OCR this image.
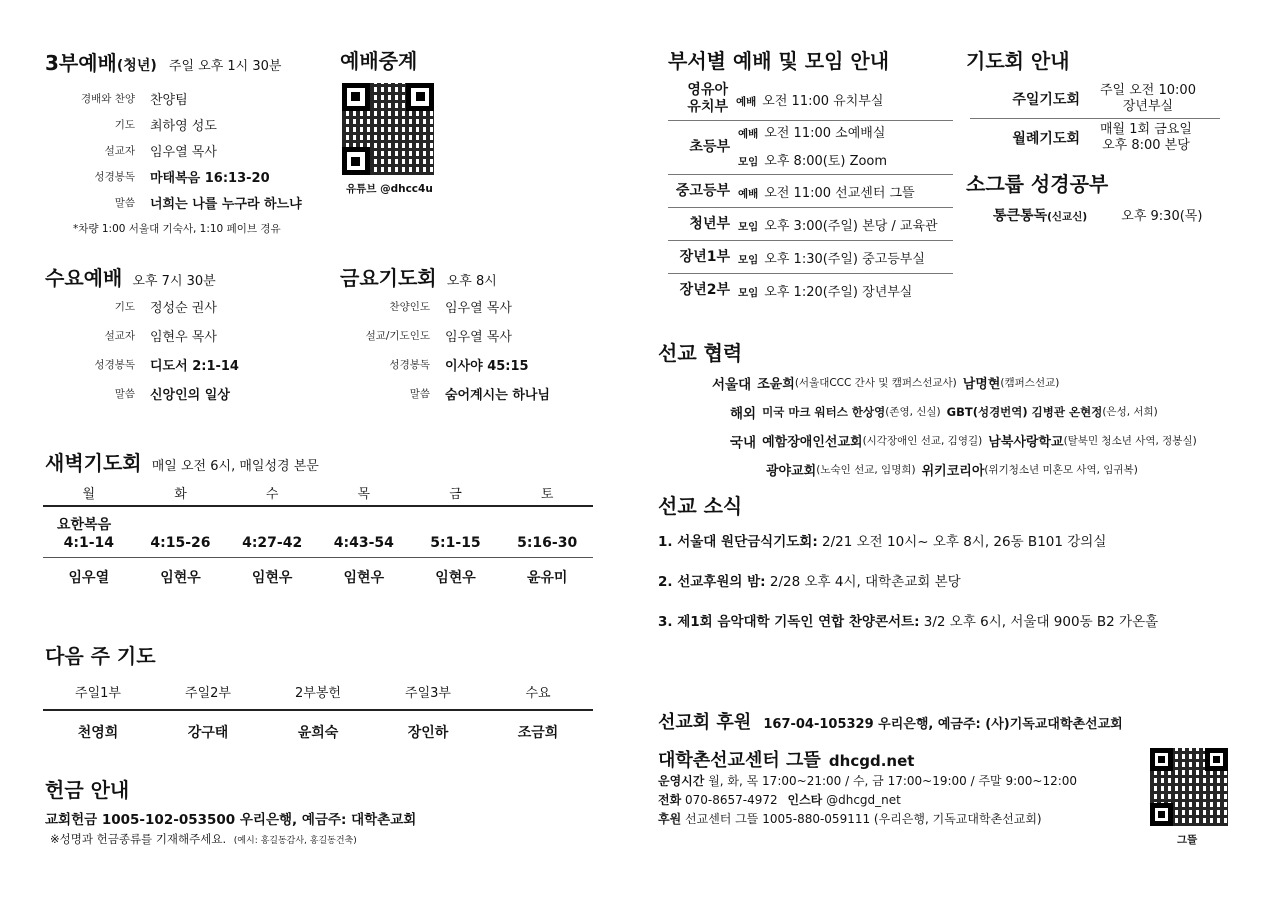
3부예배(청년) 주일 오후 1시 30분
경배와 찬양 찬양팀
기도 최하영 성도
설교자 임우열 목사
성경봉독 마태복음 16:13-20
말씀 너희는 나를 누구라 하느냐
*차량 1:00 서울대 기숙사, 1:10 페이브 경유
예배중계
유튜브 @dhcc4u
수요예배 오후 7시 30분
기도 정성순 권사
설교자 임현우 목사
성경봉독 디도서 2:1-14
말씀 신앙인의 일상
금요기도회 오후 8시
찬양인도 임우열 목사
설교/기도인도 임우열 목사
성경봉독 이사야 45:15
말씀 숨어계시는 하나님
새벽기도회 매일 오전 6시, 매일성경 본문
월	화	수	목	금	토
요한복음
4:1-14	4:15-26	4:27-42	4:43-54	5:1-15	5:16-30
임우열	임현우	임현우	임현우	임현우	윤유미
다음 주 기도
주일1부	주일2부	2부봉헌	주일3부	수요
천영희	강구태	윤희숙	장인하	조금희
헌금 안내
교회헌금 1005-102-053500 우리은행, 예금주: 대학촌교회
※성명과 헌금종류를 기재해주세요. (예시: 홍길동감사, 홍길동건축)
부서별 예배 및 모임 안내
영유아 유치부 예배 오전 11:00 유치부실
초등부
예배 오전 11:00 소예배실
모임 오후 8:00(토) Zoom
중고등부 예배 오전 11:00 선교센터 그뜰
청년부 모임 오후 3:00(주일) 본당 / 교육관
장년1부 모임 오후 1:30(주일) 중고등부실
장년2부 모임 오후 1:20(주일) 장년부실
기도회 안내
주일기도회
주일 오전 10:00
장년부실
월례기도회
매월 1회 금요일
오후 8:00 본당
소그룹 성경공부
통큰통독(신교신)	오후 9:30(목)
선교 협력
서울대 조윤희 (서울대CCC 간사 및 캠퍼스선교사) 남명현 (캠퍼스선교)
해외 미국 마크 워터스 한상영 (존영, 신실) GBT(성경번역) 김병관 온현정 (은성, 서희)
국내 예함장애인선교회 (시각장애인 선교, 김영길) 남북사랑학교 (탈북민 청소년 사역, 정봉실)
광야교회 (노숙인 선교, 임명희) 위키코리아 (위기청소년 미혼모 사역, 임귀복)
선교 소식
1. 서울대 원단금식기도회: 2/21 오전 10시~ 오후 8시, 26동 B101 강의실
2. 선교후원의 밤: 2/28 오후 4시, 대학촌교회 본당
3. 제1회 음악대학 기독인 연합 찬양콘서트: 3/2 오후 6시, 서울대 900동 B2 가온홀
선교회 후원 167-04-105329 우리은행, 예금주: (사)기독교대학촌선교회
대학촌선교센터 그뜰 dhcgd.net
운영시간 월, 화, 목 17:00~21:00 / 수, 금 17:00~19:00 / 주말 9:00~12:00
전화 070-8657-4972 인스타 @dhcgd_net
후원 선교센터 그뜰 1005-880-059111 (우리은행, 기독교대학촌선교회)
그뜰
